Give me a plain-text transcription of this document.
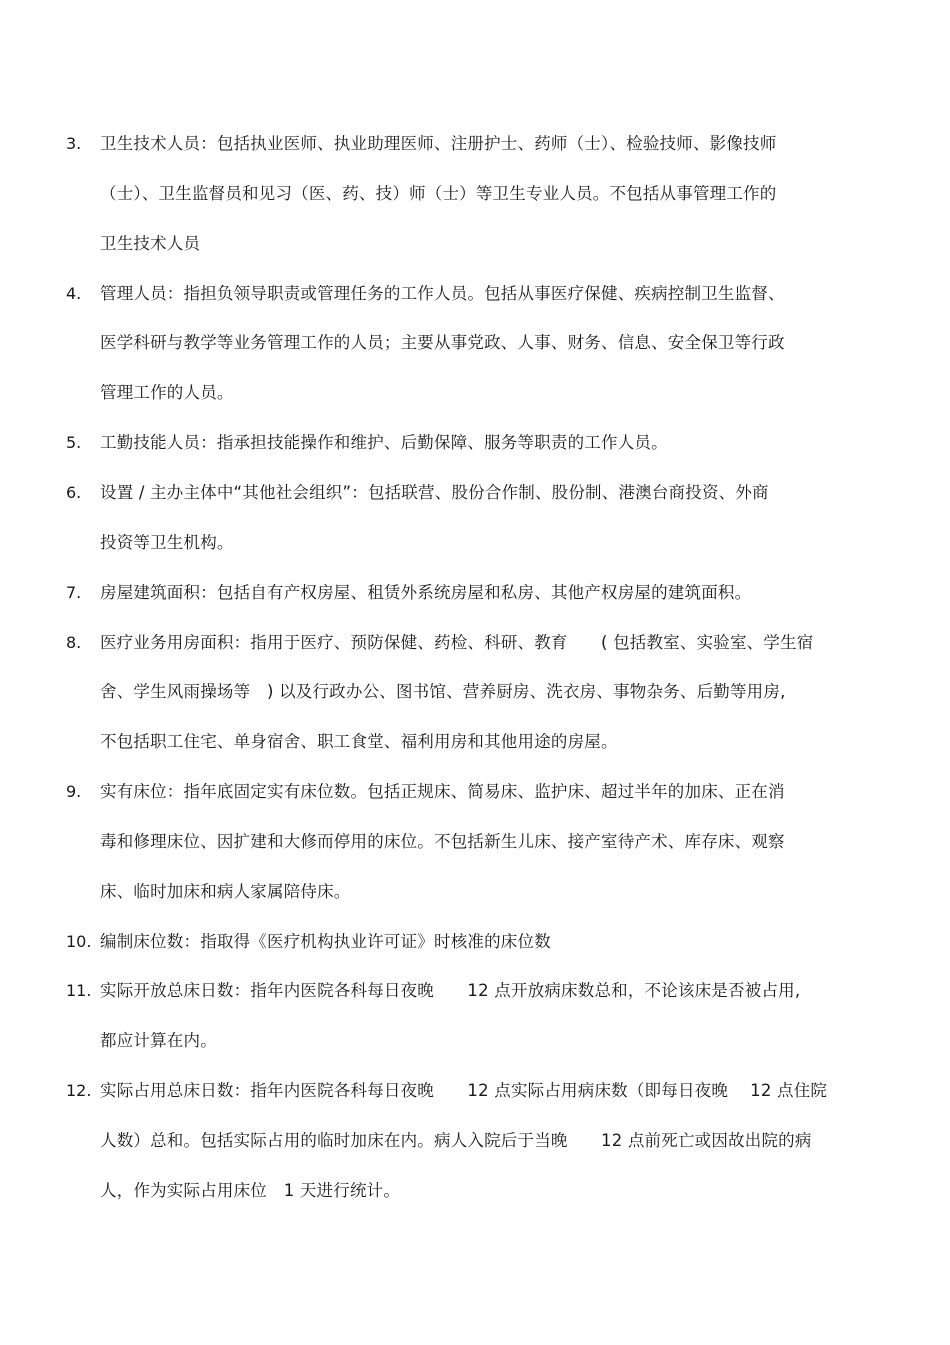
3. 卫生技术人员：包括执业医师、执业助理医师、注册护士、药师（士）、检验技师、影像技师
（士）、卫生监督员和见习（医、药、技）师（士）等卫生专业人员。不包括从事管理工作的
卫生技术人员
4. 管理人员：指担负领导职责或管理任务的工作人员。包括从事医疗保健、疾病控制卫生监督、
医学科研与教学等业务管理工作的人员；主要从事党政、人事、财务、信息、安全保卫等行政
管理工作的人员。
5. 工勤技能人员：指承担技能操作和维护、后勤保障、服务等职责的工作人员。
6. 设置 / 主办主体中“其他社会组织”：包括联营、股份合作制、股份制、港澳台商投资、外商
投资等卫生机构。
7. 房屋建筑面积：包括自有产权房屋、租赁外系统房屋和私房、其他产权房屋的建筑面积。
8. 医疗业务用房面积：指用于医疗、预防保健、药检、科研、教育　　( 包括教室、实验室、学生宿
舍、学生风雨操场等　) 以及行政办公、图书馆、营养厨房、洗衣房、事物杂务、后勤等用房,
不包括职工住宅、单身宿舍、职工食堂、福利用房和其他用途的房屋。
9. 实有床位：指年底固定实有床位数。包括正规床、简易床、监护床、超过半年的加床、正在消
毒和修理床位、因扩建和大修而停用的床位。不包括新生儿床、接产室待产术、库存床、观察
床、临时加床和病人家属陪侍床。
10. 编制床位数：指取得《医疗机构执业许可证》时核准的床位数
11. 实际开放总床日数：指年内医院各科每日夜晚　　12 点开放病床数总和，不论该床是否被占用,
都应计算在内。
12. 实际占用总床日数：指年内医院各科每日夜晚　　12 点实际占用病床数（即每日夜晚　 12 点住院
人数）总和。包括实际占用的临时加床在内。病人入院后于当晚　　12 点前死亡或因故出院的病
人，作为实际占用床位　1 天进行统计。
